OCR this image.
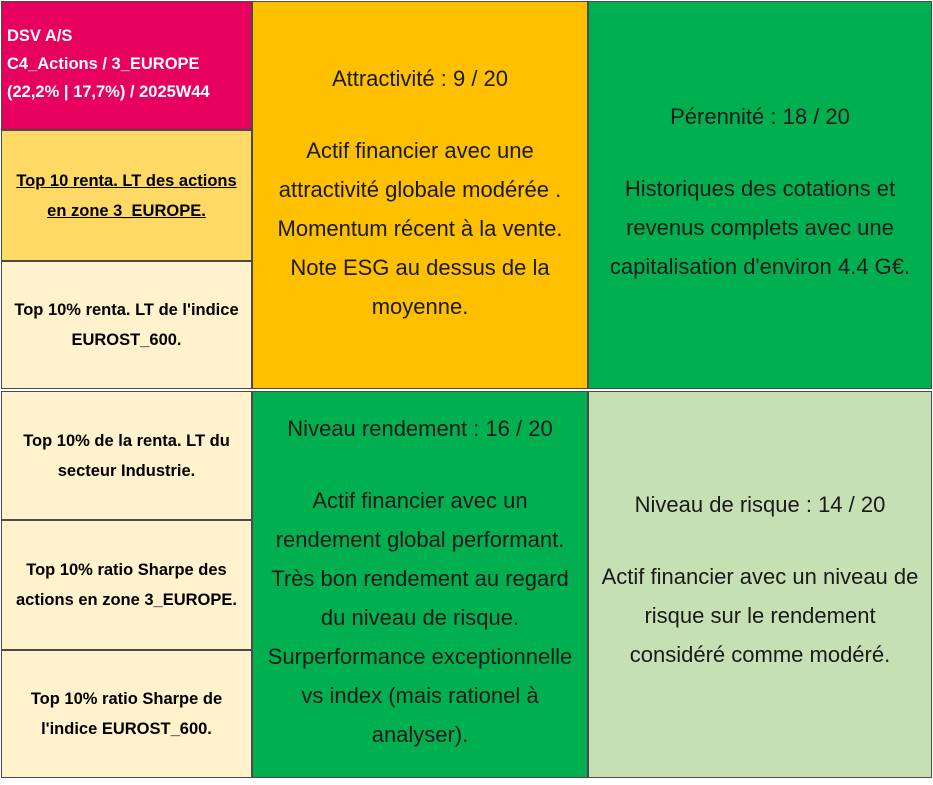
DSV A/S
C4_Actions / 3_EUROPE
(22,2% | 17,7%) / 2025W44
Top 10 renta. LT des actions
en zone 3_EUROPE.
Top 10% renta. LT de l'indice
EUROST_600.
Top 10% de la renta. LT du
secteur Industrie.
Top 10% ratio Sharpe des
actions en zone 3_EUROPE.
Top 10% ratio Sharpe de
l'indice EUROST_600.
Attractivité : 9 / 20
Actif financier avec une
attractivité globale modérée .
Momentum récent à la vente.
Note ESG au dessus de la
moyenne.
Pérennité : 18 / 20
Historiques des cotations et
revenus complets avec une
capitalisation d'environ 4.4 G€.
Niveau rendement : 16 / 20
Actif financier avec un
rendement global performant.
Très bon rendement au regard
du niveau de risque.
Surperformance exceptionnelle
vs index (mais rationel à
analyser).
Niveau de risque : 14 / 20
Actif financier avec un niveau de
risque sur le rendement
considéré comme modéré.
